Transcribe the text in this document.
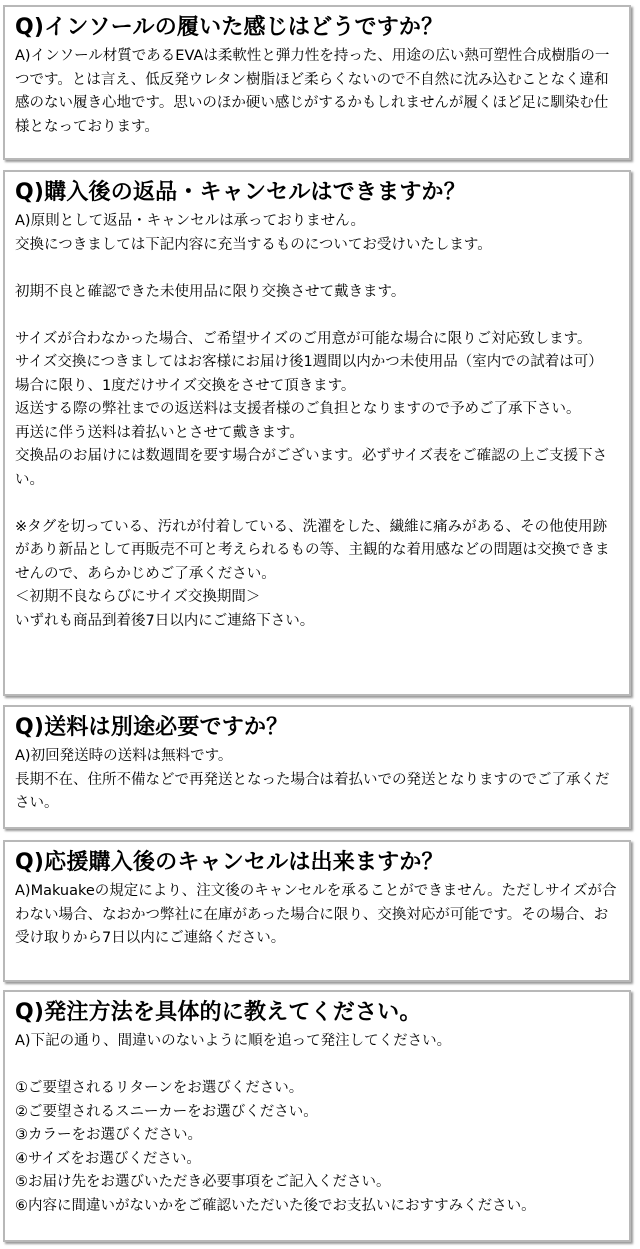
Q)インソールの履いた感じはどうですか？

A)インソール材質であるEVAは柔軟性と弾力性を持った、用途の広い熱可塑性合成樹脂の一つです。とは言え、低反発ウレタン樹脂ほど柔らくないので不自然に沈み込むことなく違和感のない履き心地です。思いのほか硬い感じがするかもしれませんが履くほど足に馴染む仕様となっております。

Q)購入後の返品・キャンセルはできますか？

A)原則として返品・キャンセルは承っておりません。

交換につきましては下記内容に充当するものについてお受けいたします。

初期不良と確認できた未使用品に限り交換させて戴きます。

サイズが合わなかった場合、ご希望サイズのご用意が可能な場合に限りご対応致します。

サイズ交換につきましてはお客様にお届け後1週間以内かつ未使用品（室内での試着は可）場合に限り、1度だけサイズ交換をさせて頂きます。

返送する際の弊社までの返送料は支援者様のご負担となりますので予めご了承下さい。

再送に伴う送料は着払いとさせて戴きます。

交換品のお届けには数週間を要す場合がございます。必ずサイズ表をご確認の上ご支援下さい。

※タグを切っている、汚れが付着している、洗濯をした、繊維に痛みがある、その他使用跡があり新品として再販売不可と考えられるもの等、主観的な着用感などの問題は交換できませんので、あらかじめご了承ください。

＜初期不良ならびにサイズ交換期間＞

いずれも商品到着後7日以内にご連絡下さい。

Q)送料は別途必要ですか？

A)初回発送時の送料は無料です。

長期不在、住所不備などで再発送となった場合は着払いでの発送となりますのでご了承ください。

Q)応援購入後のキャンセルは出来ますか？

A)Makuakeの規定により、注文後のキャンセルを承ることができません。ただしサイズが合わない場合、なおかつ弊社に在庫があった場合に限り、交換対応が可能です。その場合、お受け取りから7日以内にご連絡ください。

Q)発注方法を具体的に教えてください。

A)下記の通り、間違いのないように順を追って発注してください。

①ご要望されるリターンをお選びください。

②ご要望されるスニーカーをお選びください。

③カラーをお選びください。

④サイズをお選びください。

⑤お届け先をお選びいただき必要事項をご記入ください。

⑥内容に間違いがないかをご確認いただいた後でお支払いにおすすみください。
